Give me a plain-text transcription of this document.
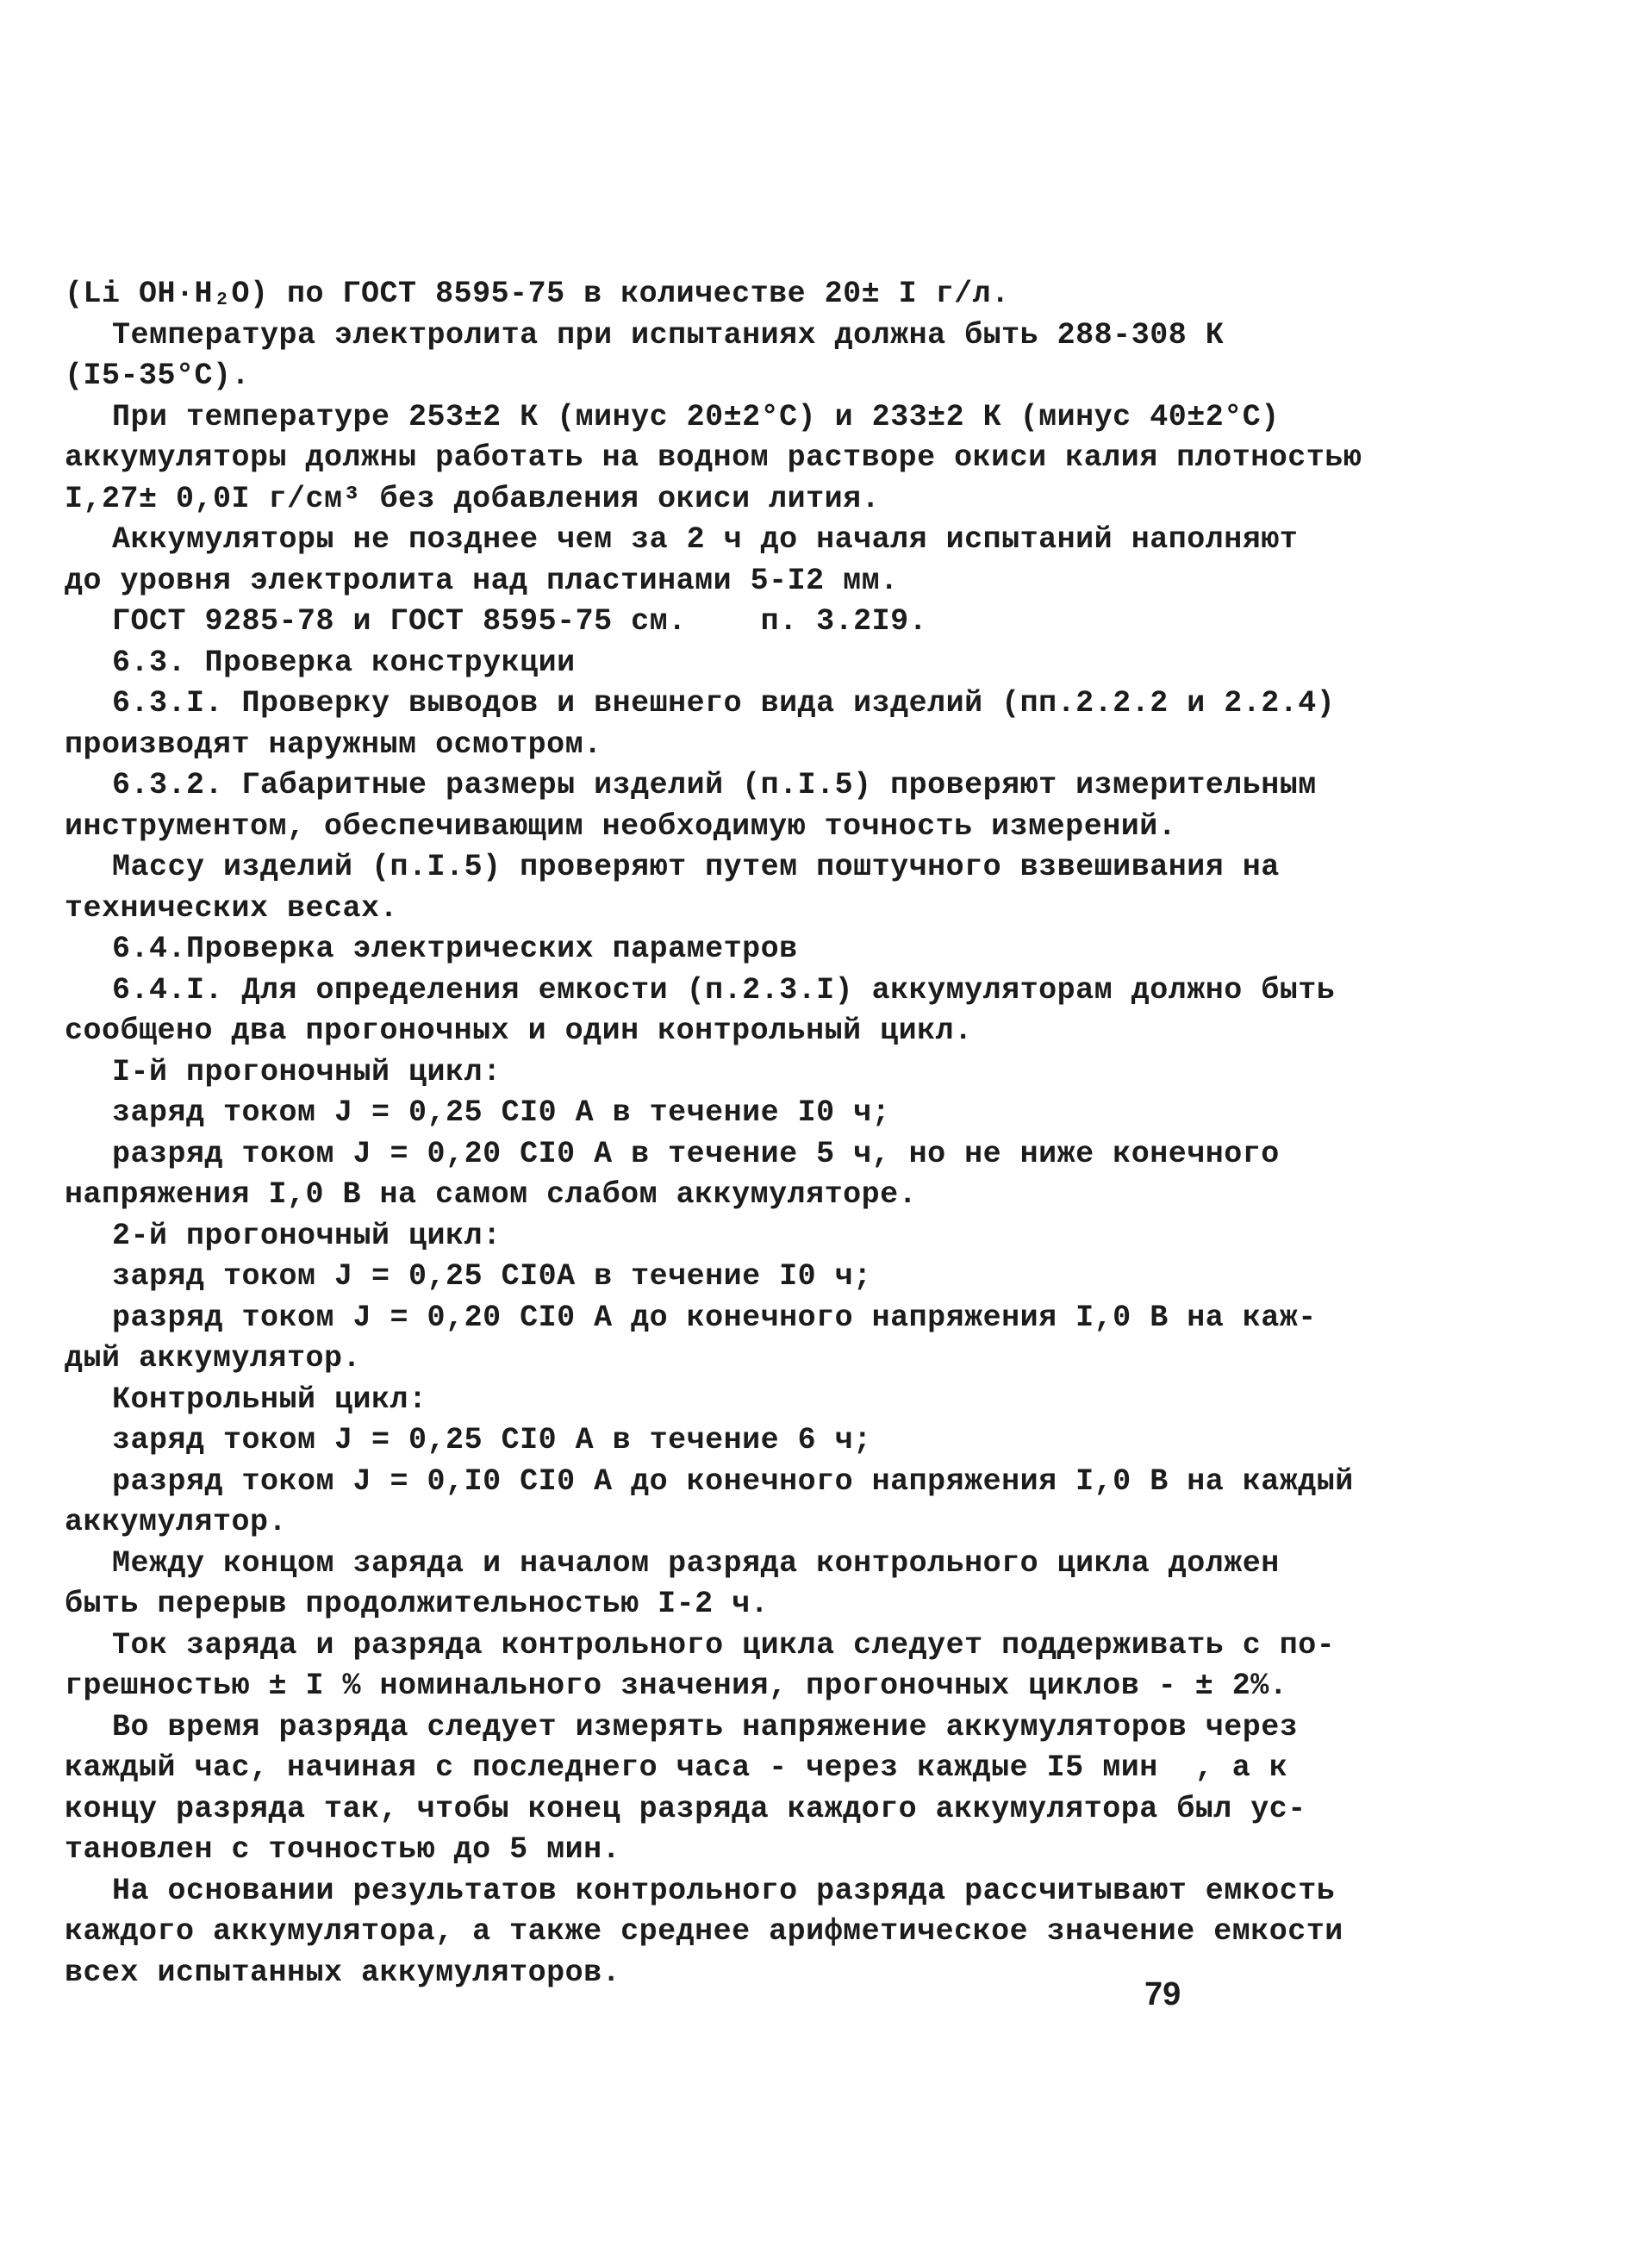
(Li OH·H₂O) по ГОСТ 8595-75 в количестве 20± I г/л.
Температура электролита при испытаниях должна быть 288-308 К
(I5-35°С).
При температуре 253±2 К (минус 20±2°С) и 233±2 К (минус 40±2°С)
аккумуляторы должны работать на водном растворе окиси калия плотностью
I,27± 0,0I г/см³ без добавления окиси лития.
Аккумуляторы не позднее чем за 2 ч до началя испытаний наполняют
до уровня электролита над пластинами 5-I2 мм.
ГОСТ 9285-78 и ГОСТ 8595-75 см.    п. 3.2I9.
6.3. Проверка конструкции
6.3.I. Проверку выводов и внешнего вида изделий (пп.2.2.2 и 2.2.4)
производят наружным осмотром.
6.3.2. Габаритные размеры изделий (п.I.5) проверяют измерительным
инструментом, обеспечивающим необходимую точность измерений.
Массу изделий (п.I.5) проверяют путем поштучного взвешивания на
технических весах.
6.4.Проверка электрических параметров
6.4.I. Для определения емкости (п.2.3.I) аккумуляторам должно быть
сообщено два прогоночных и один контрольный цикл.
I-й прогоночный цикл:
заряд током J = 0,25 CI0 А в течение I0 ч;
разряд током J = 0,20 CI0 А в течение 5 ч, но не ниже конечного
напряжения I,0 В на самом слабом аккумуляторе.
2-й прогоночный цикл:
заряд током J = 0,25 CI0А в течение I0 ч;
разряд током J = 0,20 CI0 А до конечного напряжения I,0 В на каж-
дый аккумулятор.
Контрольный цикл:
заряд током J = 0,25 CI0 А в течение 6 ч;
разряд током J = 0,I0 CI0 А до конечного напряжения I,0 В на каждый
аккумулятор.
Между концом заряда и началом разряда контрольного цикла должен
быть перерыв продолжительностью I-2 ч.
Ток заряда и разряда контрольного цикла следует поддерживать с по-
грешностью ± I % номинального значения, прогоночных циклов - ± 2%.
Во время разряда следует измерять напряжение аккумуляторов через
каждый час, начиная с последнего часа - через каждые I5 мин  , а к
концу разряда так, чтобы конец разряда каждого аккумулятора был ус-
тановлен с точностью до 5 мин.
На основании результатов контрольного разряда рассчитывают емкость
каждого аккумулятора, а также среднее арифметическое значение емкости
всех испытанных аккумуляторов.
79
